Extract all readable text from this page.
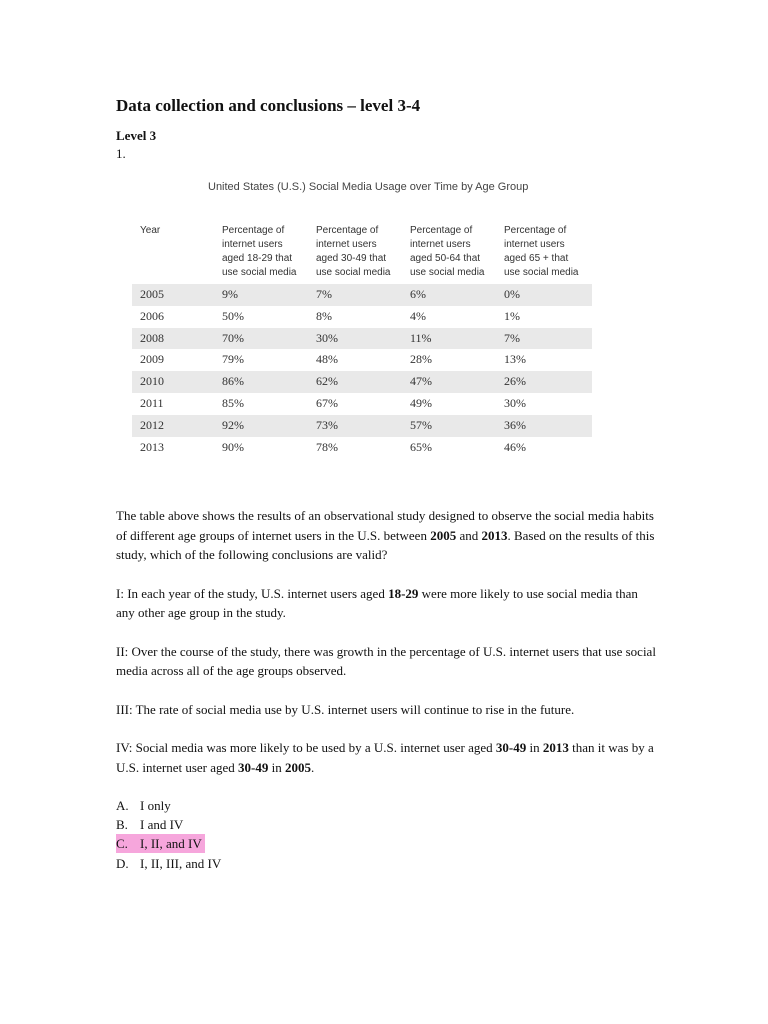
Data collection and conclusions – level 3-4
Level 3
1.
United States (U.S.) Social Media Usage over Time by Age Group
Year	Percentage of internet users aged 18-29 that use social media	Percentage of internet users aged 30-49 that use social media	Percentage of internet users aged 50-64 that use social media	Percentage of internet users aged 65 + that use social media
2005	9%	7%	6%	0%
2006	50%	8%	4%	1%
2008	70%	30%	11%	7%
2009	79%	48%	28%	13%
2010	86%	62%	47%	26%
2011	85%	67%	49%	30%
2012	92%	73%	57%	36%
2013	90%	78%	65%	46%

The table above shows the results of an observational study designed to observe the social media habits of different age groups of internet users in the U.S. between 2005 and 2013. Based on the results of this study, which of the following conclusions are valid?

I: In each year of the study, U.S. internet users aged 18-29 were more likely to use social media than any other age group in the study.

II: Over the course of the study, there was growth in the percentage of U.S. internet users that use social media across all of the age groups observed.

III: The rate of social media use by U.S. internet users will continue to rise in the future.

IV: Social media was more likely to be used by a U.S. internet user aged 30-49 in 2013 than it was by a U.S. internet user aged 30-49 in 2005.

A. I only
B. I and IV
C. I, II, and IV
D. I, II, III, and IV
